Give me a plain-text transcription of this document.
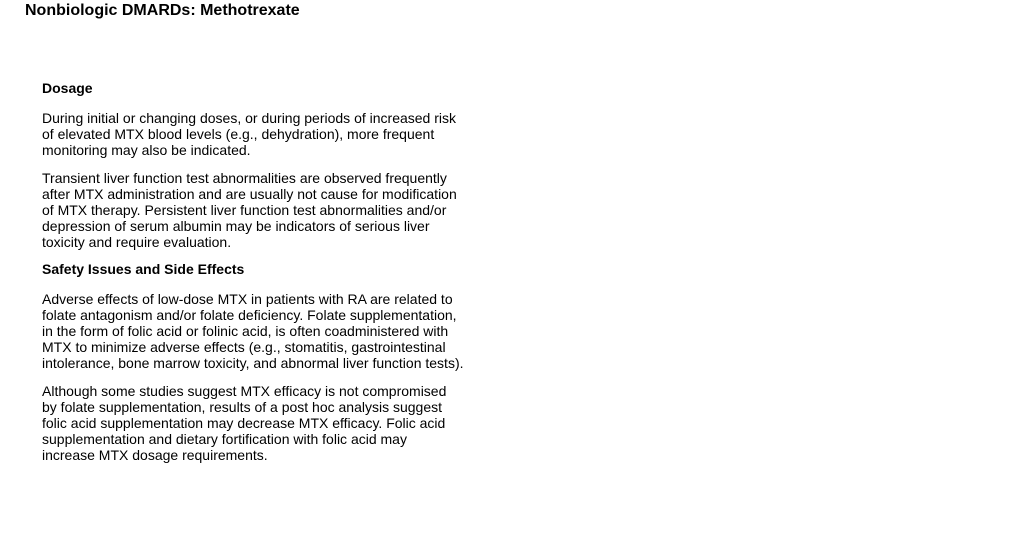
Nonbiologic DMARDs: Methotrexate
Dosage

During initial or changing doses, or during periods of increased risk
of elevated MTX blood levels (e.g., dehydration), more frequent
monitoring may also be indicated.

Transient liver function test abnormalities are observed frequently
after MTX administration and are usually not cause for modification
of MTX therapy. Persistent liver function test abnormalities and/or
depression of serum albumin may be indicators of serious liver
toxicity and require evaluation.

Safety Issues and Side Effects

Adverse effects of low-dose MTX in patients with RA are related to
folate antagonism and/or folate deficiency. Folate supplementation,
in the form of folic acid or folinic acid, is often coadministered with
MTX to minimize adverse effects (e.g., stomatitis, gastrointestinal
intolerance, bone marrow toxicity, and abnormal liver function tests).

Although some studies suggest MTX efficacy is not compromised
by folate supplementation, results of a post hoc analysis suggest
folic acid supplementation may decrease MTX efficacy. Folic acid
supplementation and dietary fortification with folic acid may
increase MTX dosage requirements.
